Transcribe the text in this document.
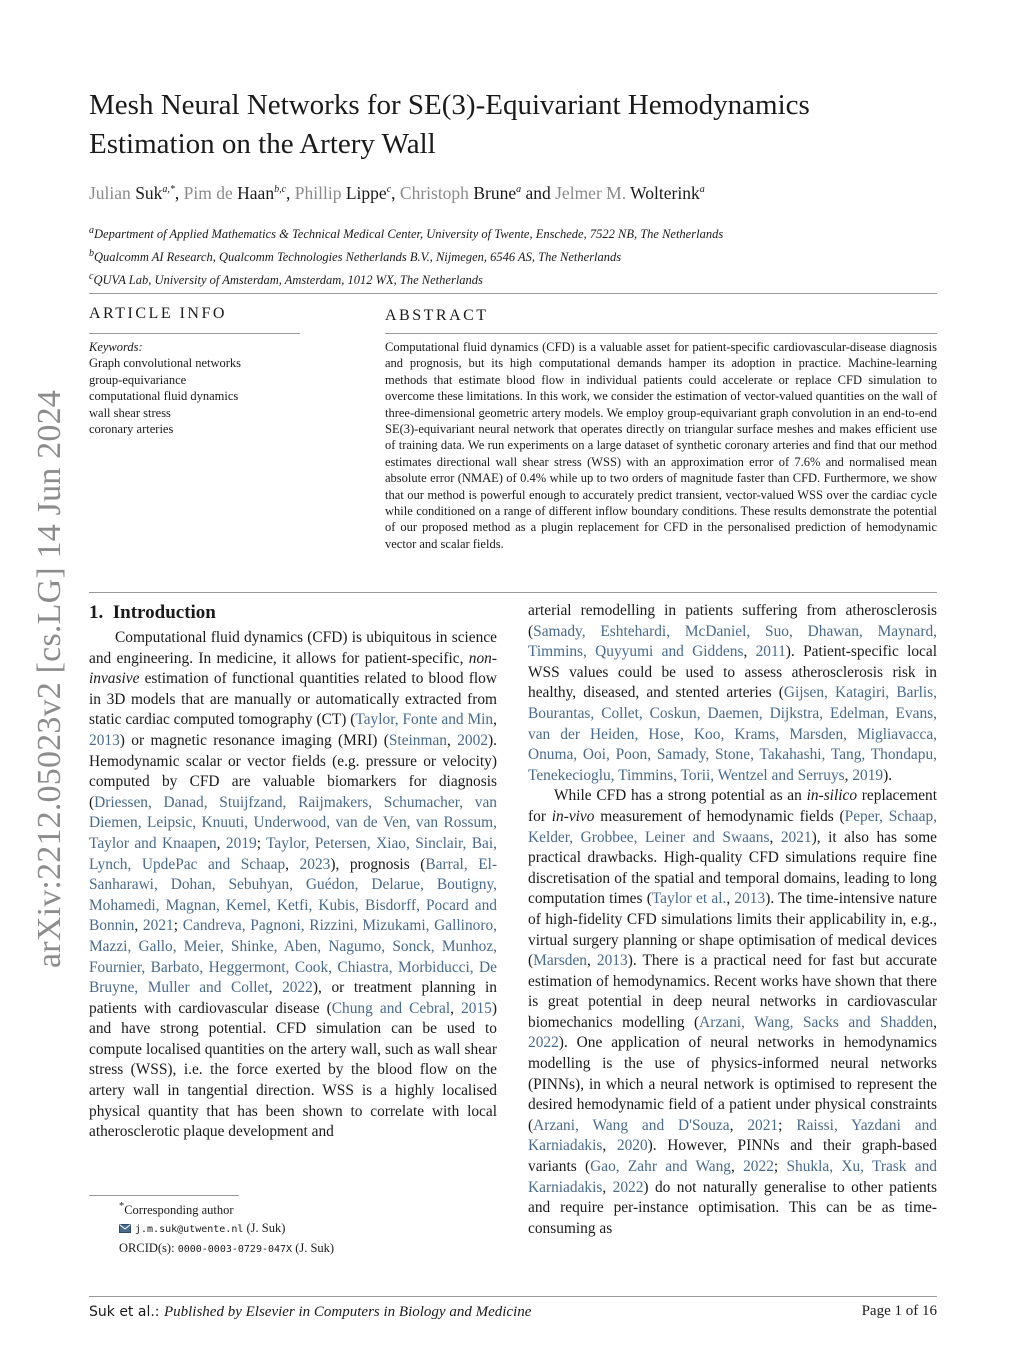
arXiv:2212.05023v2 [cs.LG] 14 Jun 2024
Mesh Neural Networks for SE(3)-Equivariant Hemodynamics Estimation on the Artery Wall
Julian Suk$^{a,*}$, Pim de Haan$^{b,c}$, Phillip Lippe$^c$, Christoph Brune$^a$ and Jelmer M. Wolterink$^a$
$^a$Department of Applied Mathematics & Technical Medical Center, University of Twente, Enschede, 7522 NB, The Netherlands
$^b$Qualcomm AI Research, Qualcomm Technologies Netherlands B.V., Nijmegen, 6546 AS, The Netherlands
$^c$QUVA Lab, University of Amsterdam, Amsterdam, 1012 WX, The Netherlands
ARTICLE INFO	ABSTRACT
Keywords:
Graph convolutional networks
group-equivariance
computational fluid dynamics
wall shear stress
coronary arteries

Computational fluid dynamics (CFD) is a valuable asset for patient-specific cardiovascular-disease diagnosis and prognosis, but its high computational demands hamper its adoption in practice. Machine-learning methods that estimate blood flow in individual patients could accelerate or replace CFD simulation to overcome these limitations. In this work, we consider the estimation of vector-valued quantities on the wall of three-dimensional geometric artery models. We employ group-equivariant graph convolution in an end-to-end SE(3)-equivariant neural network that operates directly on triangular surface meshes and makes efficient use of training data. We run experiments on a large dataset of synthetic coronary arteries and find that our method estimates directional wall shear stress (WSS) with an approximation error of 7.6% and normalised mean absolute error (NMAE) of 0.4% while up to two orders of magnitude faster than CFD. Furthermore, we show that our method is powerful enough to accurately predict transient, vector-valued WSS over the cardiac cycle while conditioned on a range of different inflow boundary conditions. These results demonstrate the potential of our proposed method as a plugin replacement for CFD in the personalised prediction of hemodynamic vector and scalar fields.

1. Introduction

Computational fluid dynamics (CFD) is ubiquitous in science and engineering. In medicine, it allows for patient-specific, non-invasive estimation of functional quantities related to blood flow in 3D models that are manually or automatically extracted from static cardiac computed tomography (CT) (Taylor, Fonte and Min, 2013) or magnetic resonance imaging (MRI) (Steinman, 2002). Hemodynamic scalar or vector fields (e.g. pressure or velocity) computed by CFD are valuable biomarkers for diagnosis (Driessen, Danad, Stuijfzand, Raijmakers, Schumacher, van Diemen, Leipsic, Knuuti, Underwood, van de Ven, van Rossum, Taylor and Knaapen, 2019; Taylor, Petersen, Xiao, Sinclair, Bai, Lynch, UpdePac and Schaap, 2023), prognosis (Barral, El-Sanharawi, Dohan, Sebuhyan, Guédon, Delarue, Boutigny, Mohamedi, Magnan, Kemel, Ketfi, Kubis, Bisdorff, Pocard and Bonnin, 2021; Candreva, Pagnoni, Rizzini, Mizukami, Gallinoro, Mazzi, Gallo, Meier, Shinke, Aben, Nagumo, Sonck, Munhoz, Fournier, Barbato, Heggermont, Cook, Chiastra, Morbiducci, De Bruyne, Muller and Collet, 2022), or treatment planning in patients with cardiovascular disease (Chung and Cebral, 2015) and have strong potential. CFD simulation can be used to compute localised quantities on the artery wall, such as wall shear stress (WSS), i.e. the force exerted by the blood flow on the artery wall in tangential direction. WSS is a highly localised physical quantity that has been shown to correlate with local atherosclerotic plaque development and

arterial remodelling in patients suffering from atherosclerosis (Samady, Eshtehardi, McDaniel, Suo, Dhawan, Maynard, Timmins, Quyyumi and Giddens, 2011). Patient-specific local WSS values could be used to assess atherosclerosis risk in healthy, diseased, and stented arteries (Gijsen, Katagiri, Barlis, Bourantas, Collet, Coskun, Daemen, Dijkstra, Edelman, Evans, van der Heiden, Hose, Koo, Krams, Marsden, Migliavacca, Onuma, Ooi, Poon, Samady, Stone, Takahashi, Tang, Thondapu, Tenekecioglu, Timmins, Torii, Wentzel and Serruys, 2019).

While CFD has a strong potential as an in-silico replacement for in-vivo measurement of hemodynamic fields (Peper, Schaap, Kelder, Grobbee, Leiner and Swaans, 2021), it also has some practical drawbacks. High-quality CFD simulations require fine discretisation of the spatial and temporal domains, leading to long computation times (Taylor et al., 2013). The time-intensive nature of high-fidelity CFD simulations limits their applicability in, e.g., virtual surgery planning or shape optimisation of medical devices (Marsden, 2013). There is a practical need for fast but accurate estimation of hemodynamics. Recent works have shown that there is great potential in deep neural networks in cardiovascular biomechanics modelling (Arzani, Wang, Sacks and Shadden, 2022). One application of neural networks in hemodynamics modelling is the use of physics-informed neural networks (PINNs), in which a neural network is optimised to represent the desired hemodynamic field of a patient under physical constraints (Arzani, Wang and D'Souza, 2021; Raissi, Yazdani and Karniadakis, 2020). However, PINNs and their graph-based variants (Gao, Zahr and Wang, 2022; Shukla, Xu, Trask and Karniadakis, 2022) do not naturally generalise to other patients and require per-instance optimisation. This can be as time-consuming as

*Corresponding author
j.m.suk@utwente.nl (J. Suk)
ORCID(s): 0000-0003-0729-047X (J. Suk)
Suk et al.: Published by Elsevier in Computers in Biology and Medicine	Page 1 of 16
